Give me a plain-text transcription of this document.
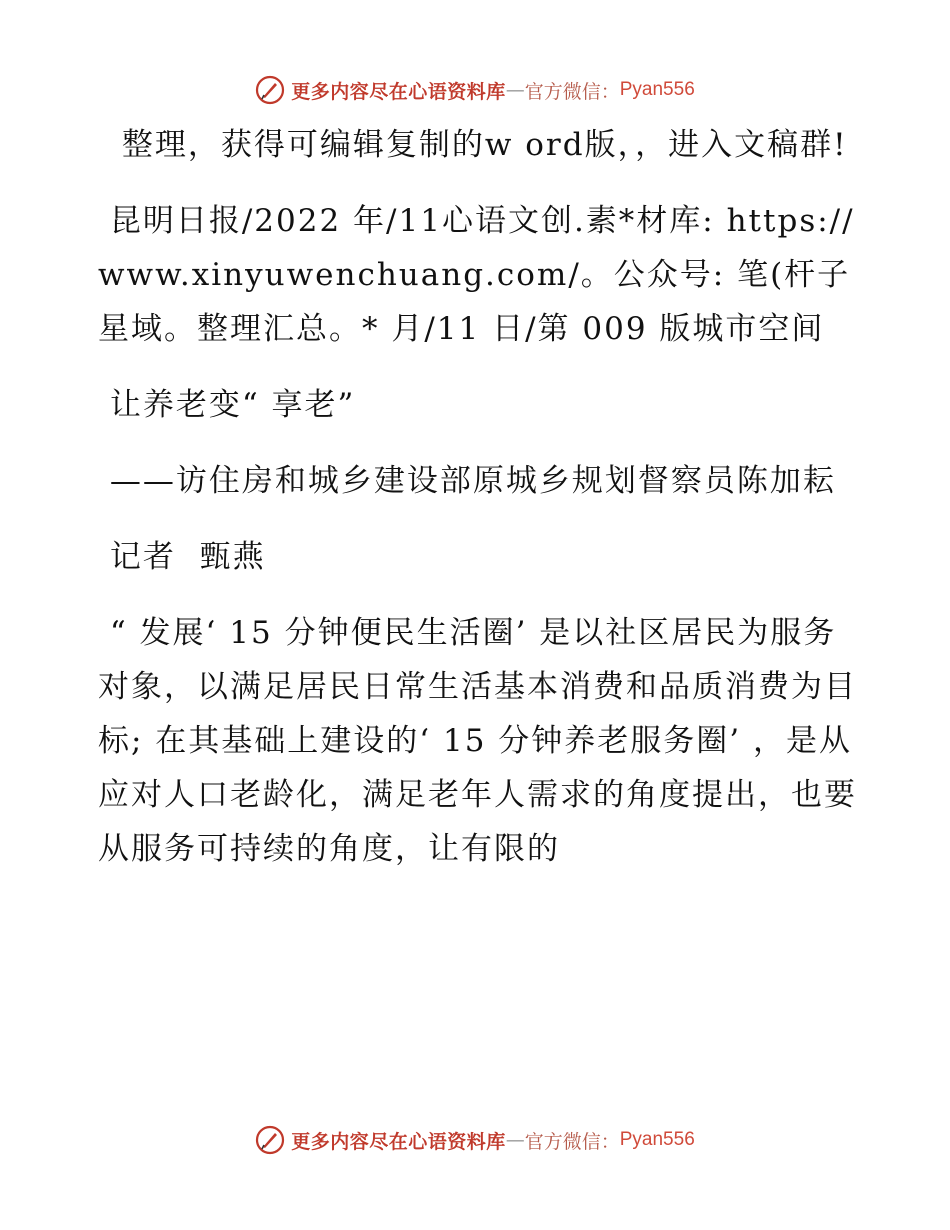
更多内容尽在心语资料库 — 官方微信： Pyan556

整理，获得可编辑复制的w ord版，，进入文稿群!

昆明日报/2022 年/11心语文创.素*材库: https://www.xinyuwenchuang.com/。公众号: 笔(杆子星域。整理汇总。* 月/11 日/第 009 版城市空间

让养老变“ 享老”

——访住房和城乡建设部原城乡规划督察员陈加耘

记者  甄燕

“ 发展‘ 15 分钟便民生活圈’ 是以社区居民为服务对象，以满足居民日常生活基本消费和品质消费为目标; 在其基础上建设的‘ 15 分钟养老服务圈’ ，是从应对人口老龄化，满足老年人需求的角度提出，也要从服务可持续的角度，让有限的

更多内容尽在心语资料库 — 官方微信： Pyan556
